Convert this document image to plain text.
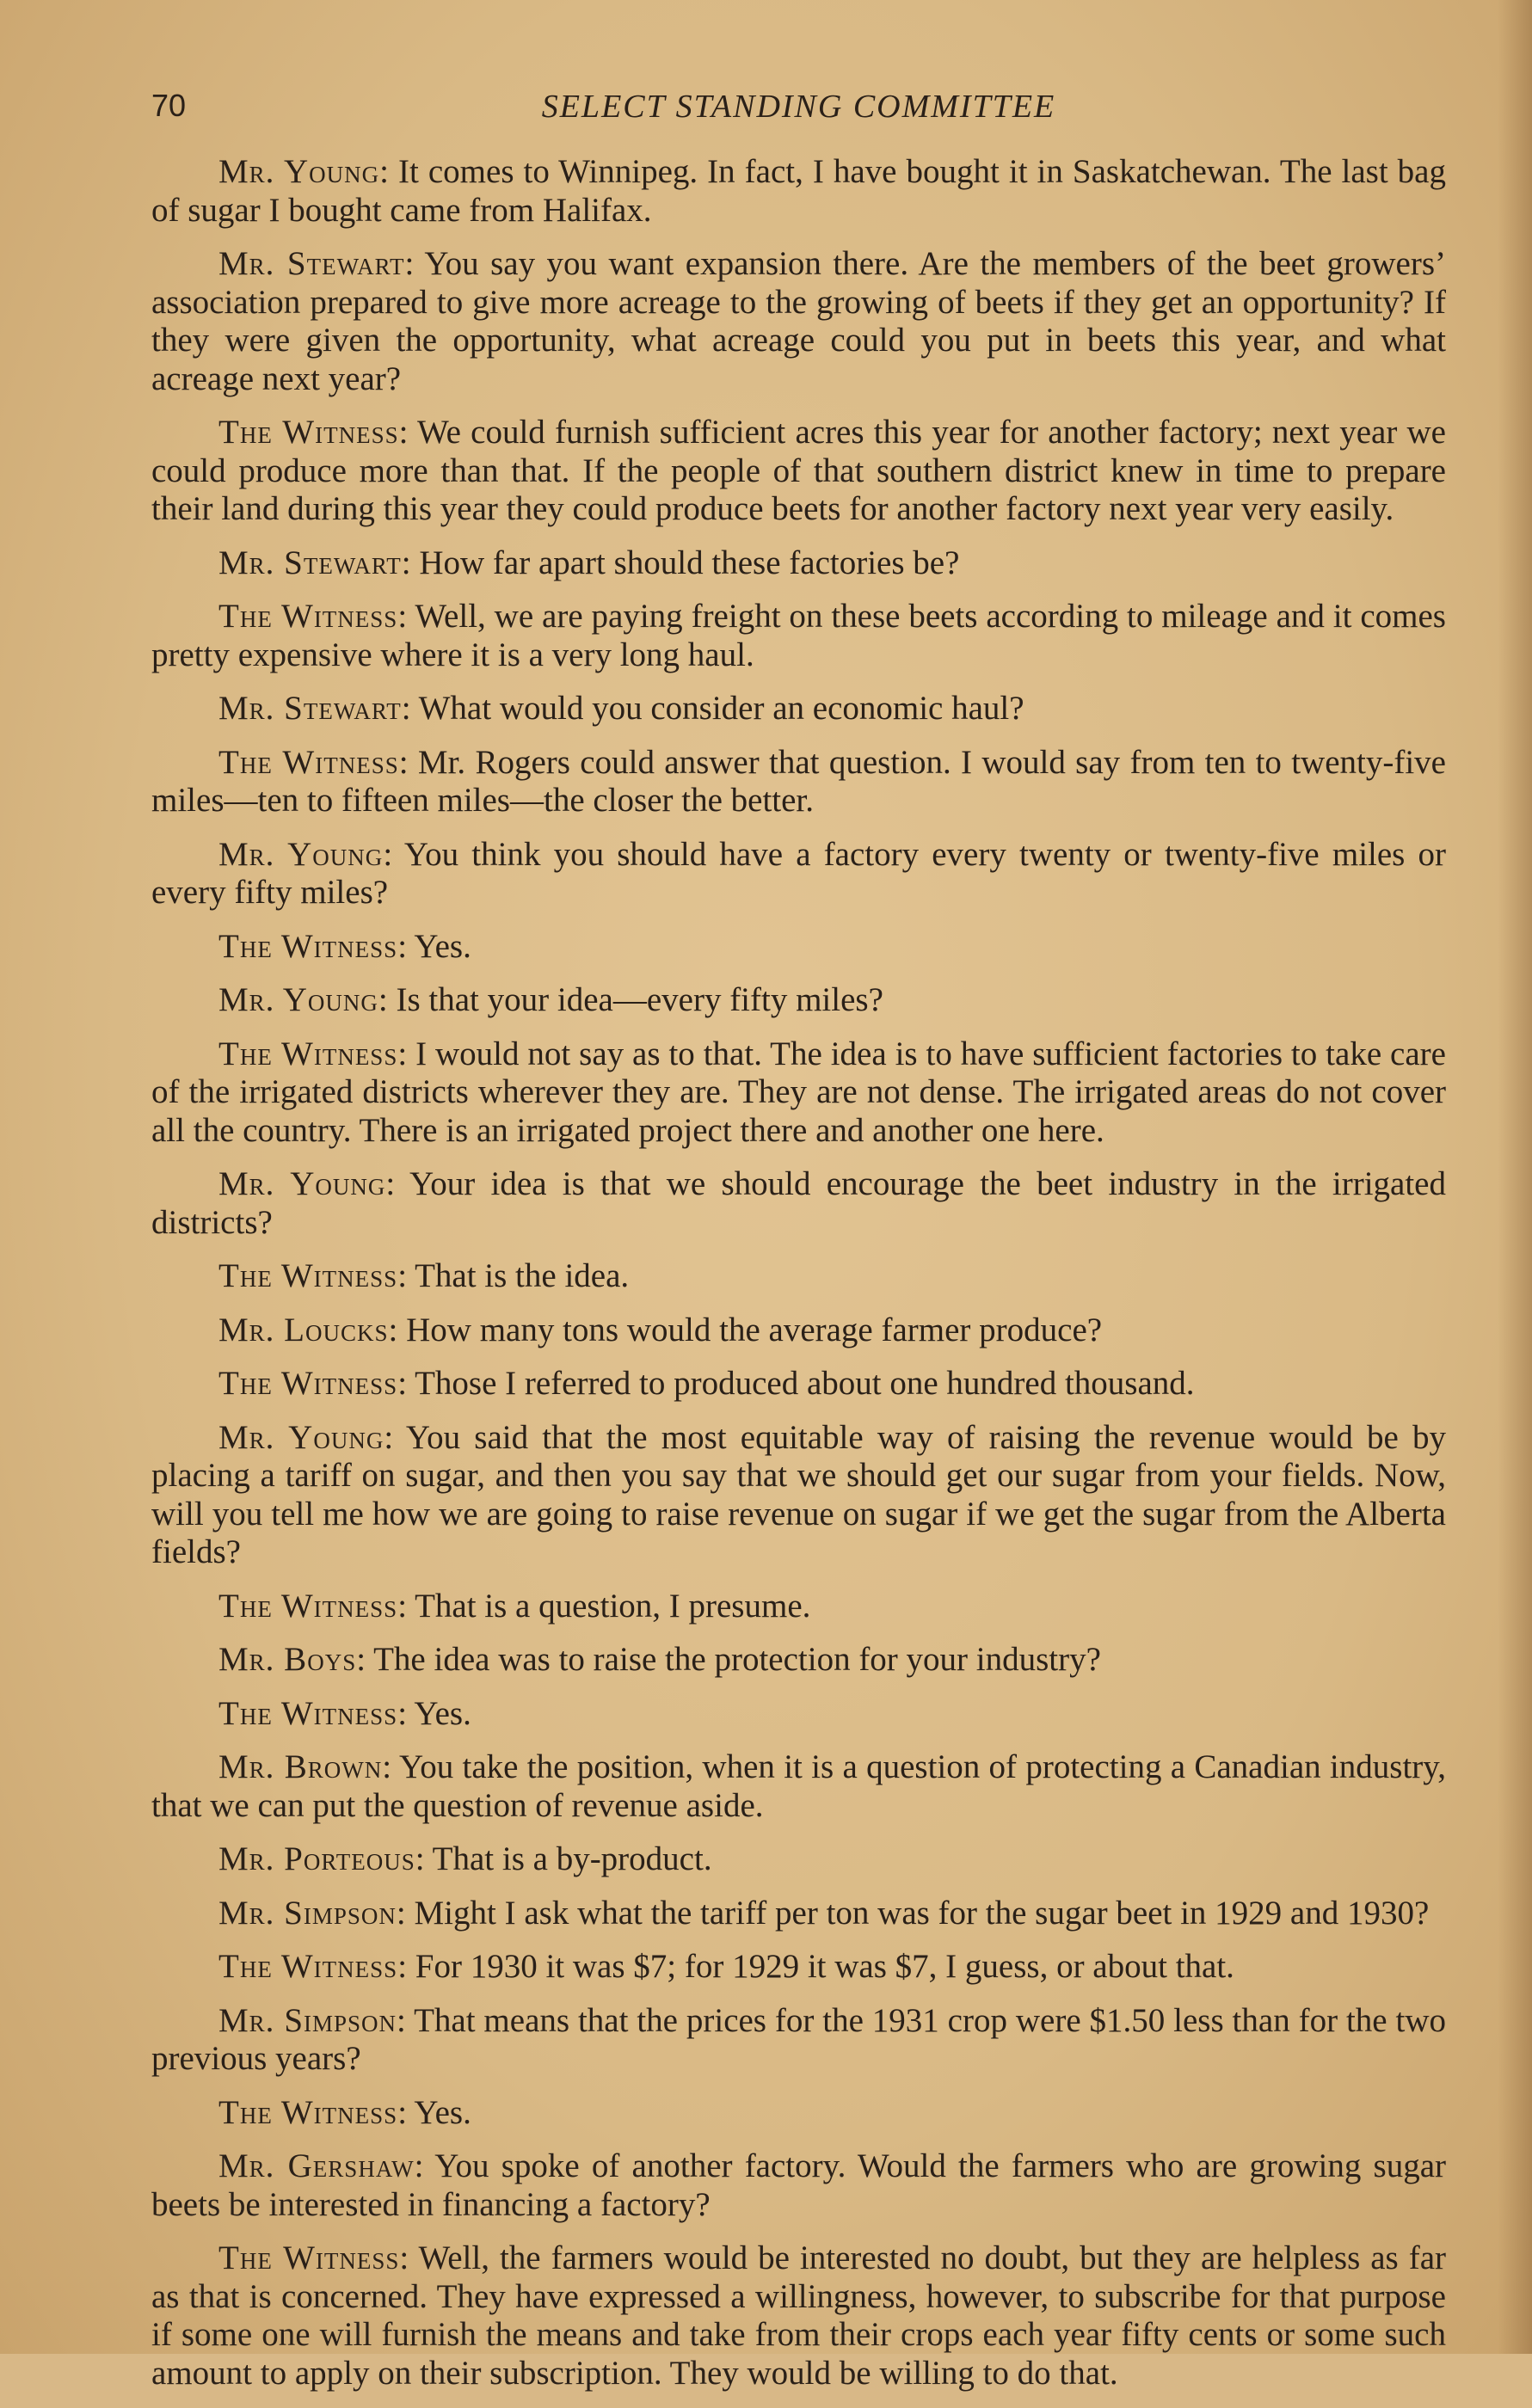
70	SELECT STANDING COMMITTEE

Mr. Young: It comes to Winnipeg. In fact, I have bought it in Saskatchewan. The last bag of sugar I bought came from Halifax.

Mr. Stewart: You say you want expansion there. Are the members of the beet growers’ association prepared to give more acreage to the growing of beets if they get an opportunity? If they were given the opportunity, what acreage could you put in beets this year, and what acreage next year?

The Witness: We could furnish sufficient acres this year for another factory; next year we could produce more than that. If the people of that southern district knew in time to prepare their land during this year they could produce beets for another factory next year very easily.

Mr. Stewart: How far apart should these factories be?

The Witness: Well, we are paying freight on these beets according to mileage and it comes pretty expensive where it is a very long haul.

Mr. Stewart: What would you consider an economic haul?

The Witness: Mr. Rogers could answer that question. I would say from ten to twenty-five miles—ten to fifteen miles—the closer the better.

Mr. Young: You think you should have a factory every twenty or twenty-five miles or every fifty miles?

The Witness: Yes.

Mr. Young: Is that your idea—every fifty miles?

The Witness: I would not say as to that. The idea is to have sufficient factories to take care of the irrigated districts wherever they are. They are not dense. The irrigated areas do not cover all the country. There is an irrigated project there and another one here.

Mr. Young: Your idea is that we should encourage the beet industry in the irrigated districts?

The Witness: That is the idea.

Mr. Loucks: How many tons would the average farmer produce?

The Witness: Those I referred to produced about one hundred thousand.

Mr. Young: You said that the most equitable way of raising the revenue would be by placing a tariff on sugar, and then you say that we should get our sugar from your fields. Now, will you tell me how we are going to raise revenue on sugar if we get the sugar from the Alberta fields?

The Witness: That is a question, I presume.

Mr. Boys: The idea was to raise the protection for your industry?

The Witness: Yes.

Mr. Brown: You take the position, when it is a question of protecting a Canadian industry, that we can put the question of revenue aside.

Mr. Porteous: That is a by-product.

Mr. Simpson: Might I ask what the tariff per ton was for the sugar beet in 1929 and 1930?

The Witness: For 1930 it was $7; for 1929 it was $7, I guess, or about that.

Mr. Simpson: That means that the prices for the 1931 crop were $1.50 less than for the two previous years?

The Witness: Yes.

Mr. Gershaw: You spoke of another factory. Would the farmers who are growing sugar beets be interested in financing a factory?

The Witness: Well, the farmers would be interested no doubt, but they are helpless as far as that is concerned. They have expressed a willingness, however, to subscribe for that purpose if some one will furnish the means and take from their crops each year fifty cents or some such amount to apply on their subscription. They would be willing to do that.
